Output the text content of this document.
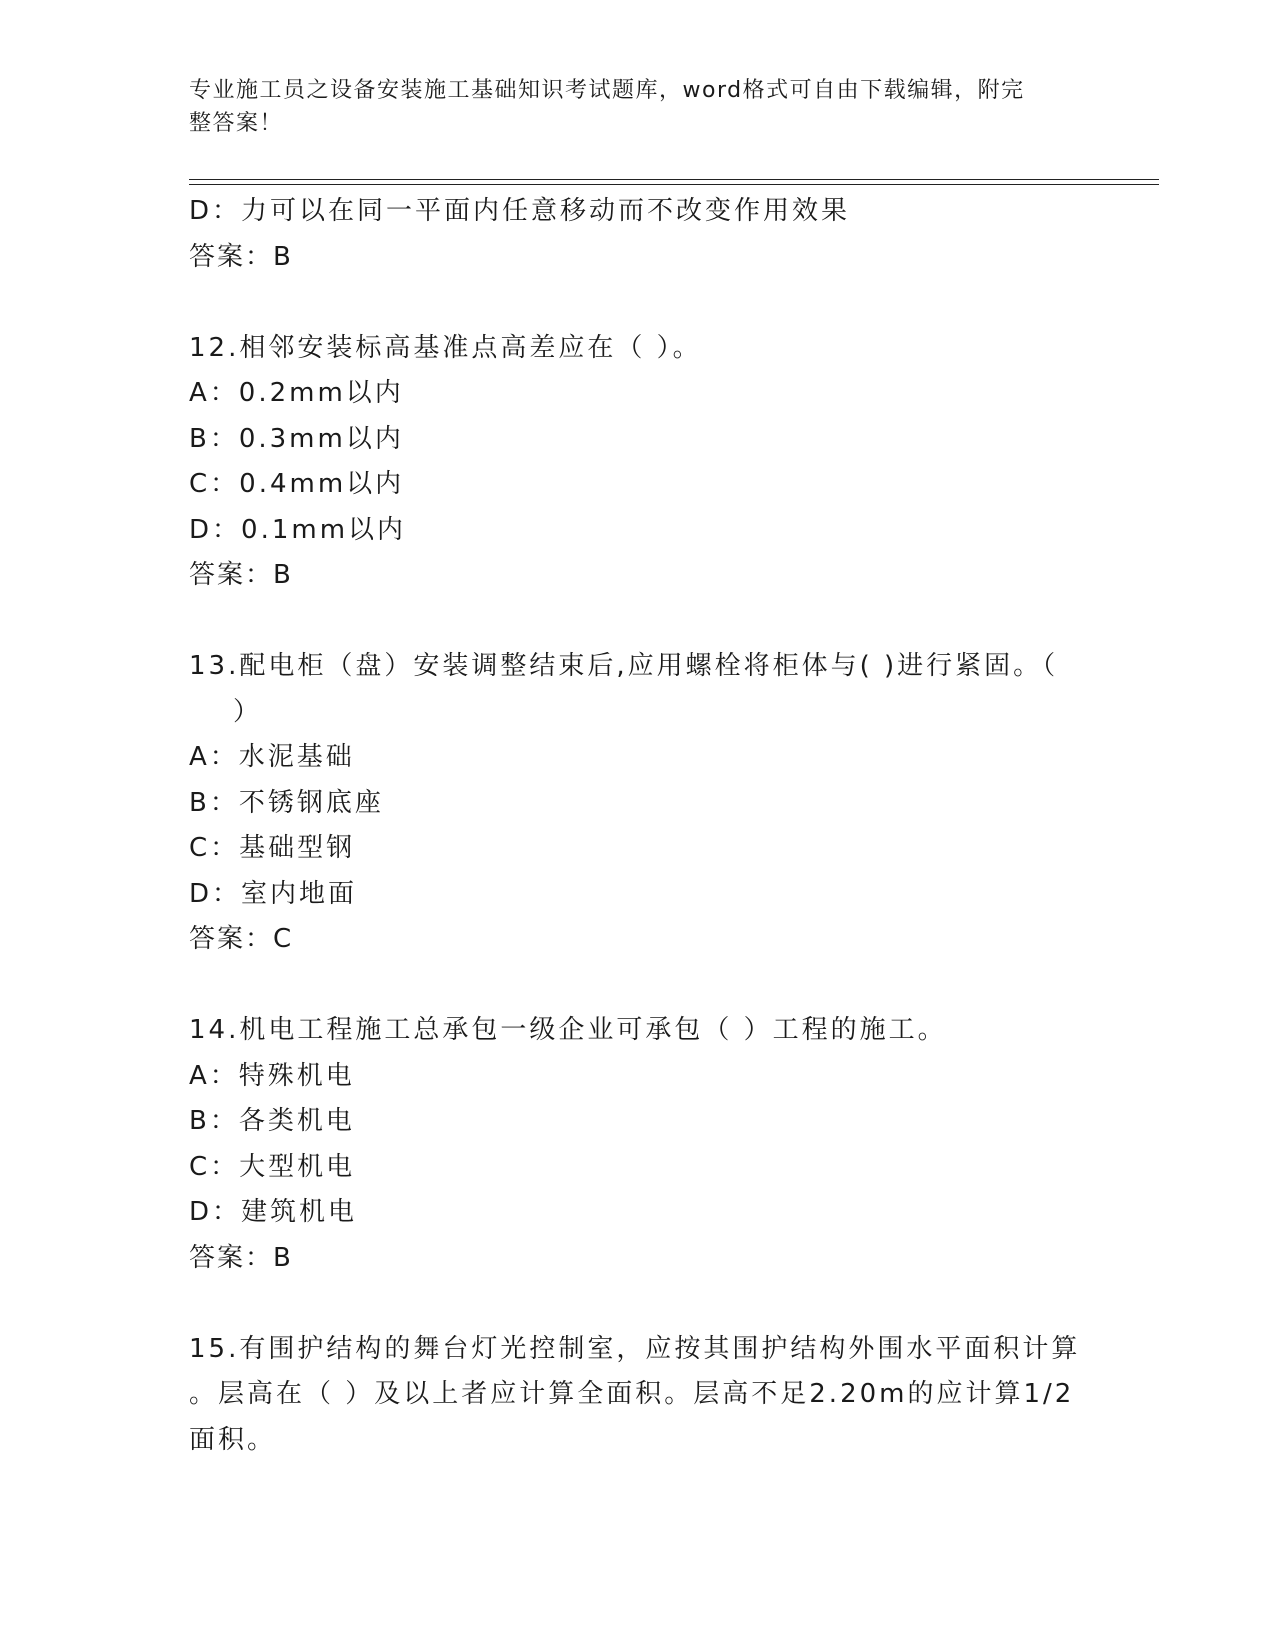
专业施工员之设备安装施工基础知识考试题库，word格式可自由下载编辑，附完
整答案！
D：力可以在同一平面内任意移动而不改变作用效果
答案：B
12.相邻安装标高基准点高差应在（ ）。
A：0.2mm以内
B：0.3mm以内
C：0.4mm以内
D：0.1mm以内
答案：B
13.配电柜（盘）安装调整结束后,应用螺栓将柜体与( )进行紧固。（
）
A：水泥基础
B：不锈钢底座
C：基础型钢
D：室内地面
答案：C
14.机电工程施工总承包一级企业可承包（ ）工程的施工。
A：特殊机电
B：各类机电
C：大型机电
D：建筑机电
答案：B
15.有围护结构的舞台灯光控制室，应按其围护结构外围水平面积计算
。层高在（ ）及以上者应计算全面积。层高不足2.20m的应计算1/2
面积。
